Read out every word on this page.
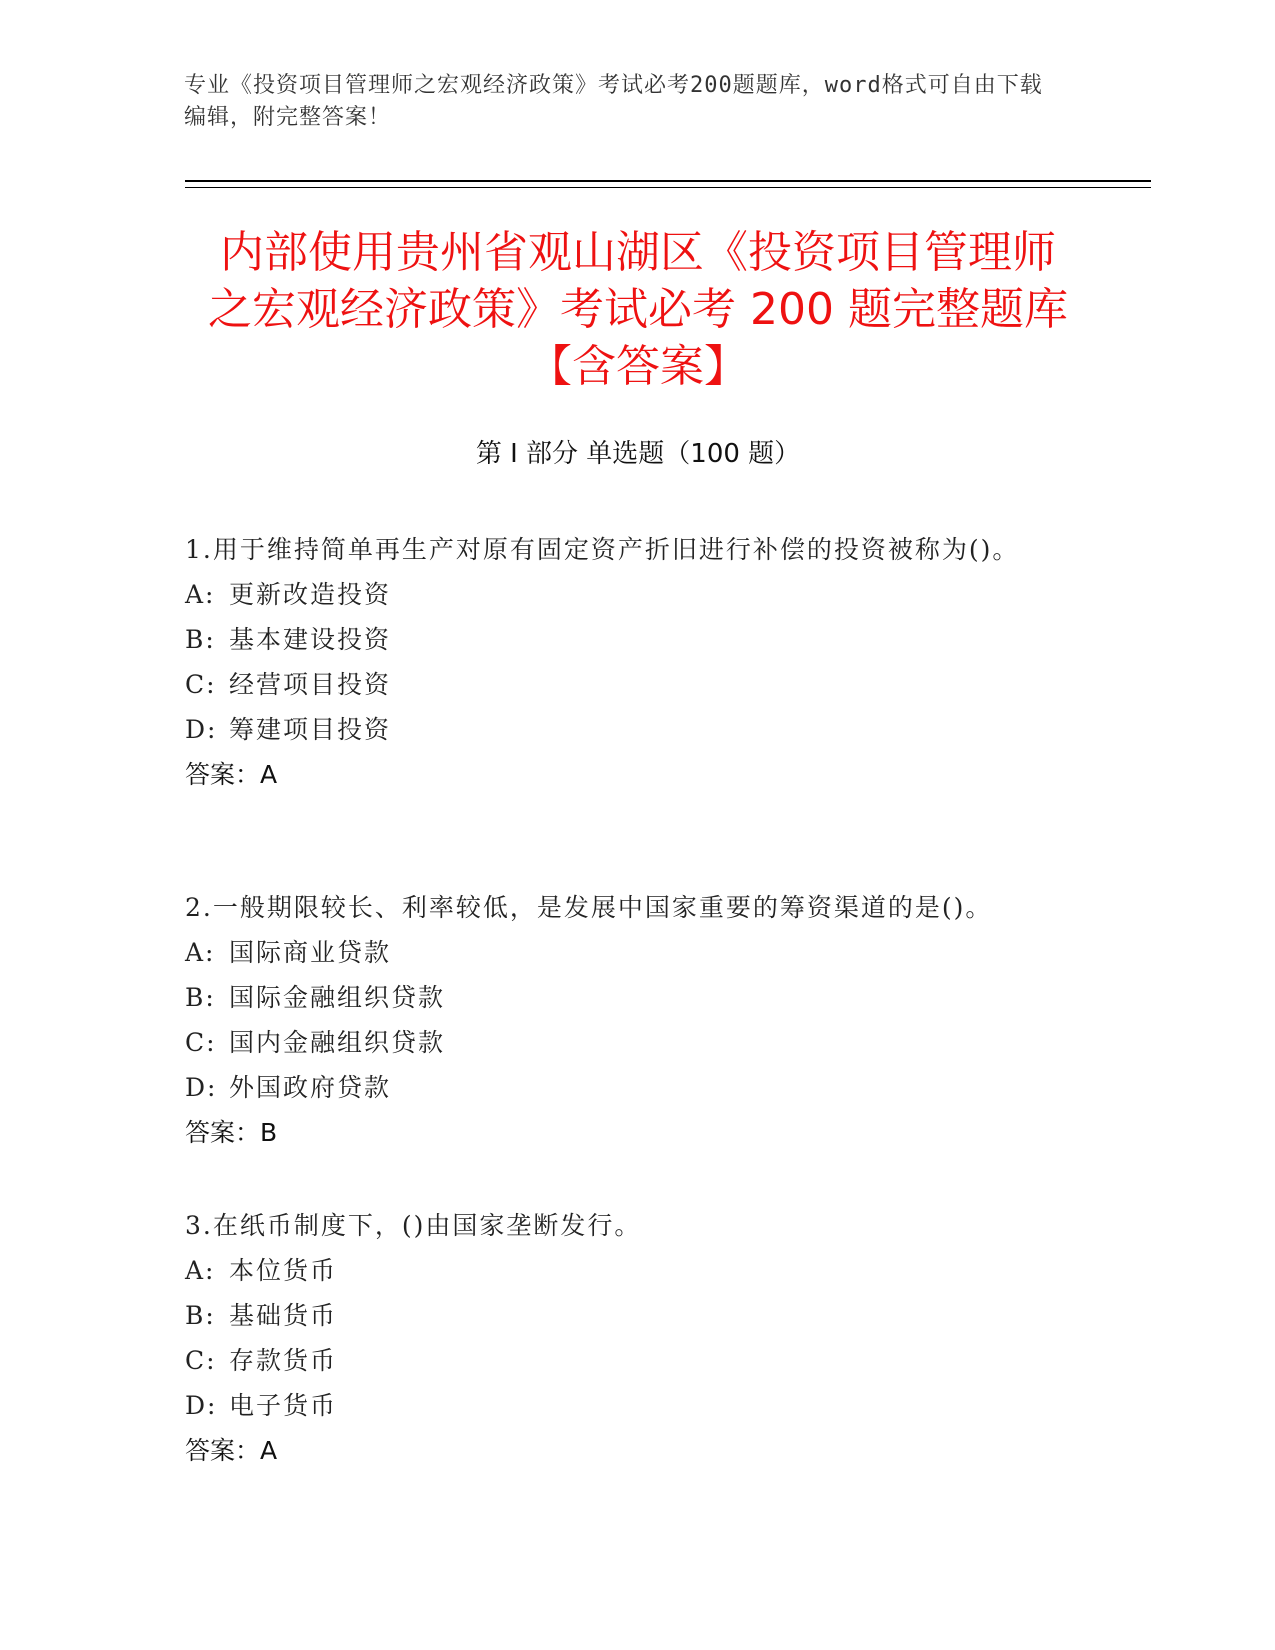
专业《投资项目管理师之宏观经济政策》考试必考200题题库，word格式可自由下载编辑，附完整答案！
内部使用贵州省观山湖区《投资项目管理师
之宏观经济政策》考试必考 200 题完整题库
【含答案】
第 I 部分 单选题（100 题）
1.用于维持简单再生产对原有固定资产折旧进行补偿的投资被称为()。
A: 更新改造投资
B: 基本建设投资
C: 经营项目投资
D: 筹建项目投资
答案：A
2.一般期限较长、利率较低，是发展中国家重要的筹资渠道的是()。
A: 国际商业贷款
B: 国际金融组织贷款
C: 国内金融组织贷款
D: 外国政府贷款
答案：B
3.在纸币制度下，()由国家垄断发行。
A: 本位货币
B: 基础货币
C: 存款货币
D: 电子货币
答案：A
